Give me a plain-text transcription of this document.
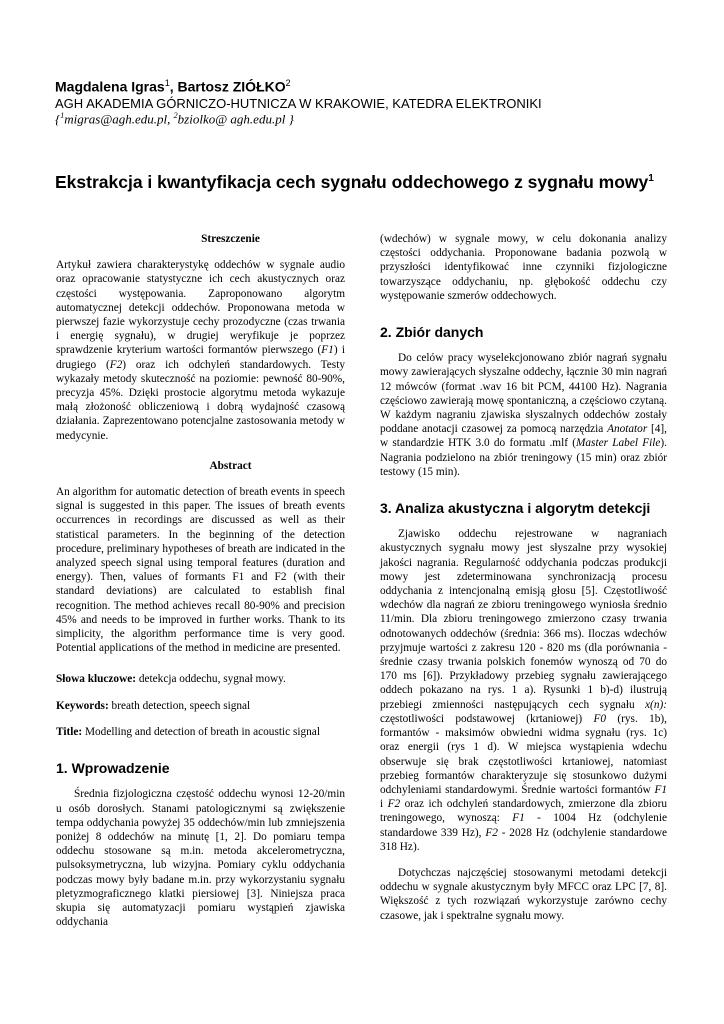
Magdalena Igras$^1$, Bartosz ZIÓŁKO$^2$
AGH AKADEMIA GÓRNICZO-HUTNICZA W KRAKOWIE, KATEDRA ELEKTRONIKI
{$^1$migras@agh.edu.pl, $^2$bziolko@ agh.edu.pl }
Ekstrakcja i kwantyfikacja cech sygnału oddechowego z sygnału mowy$^1$

Streszczenie

Artykuł zawiera charakterystykę oddechów w sygnale audio oraz opracowanie statystyczne ich cech akustycznych oraz częstości występowania. Zaproponowano algorytm automatycznej detekcji oddechów. Proponowana metoda w pierwszej fazie wykorzystuje cechy prozodyczne (czas trwania i energię sygnału), w drugiej weryfikuje je poprzez sprawdzenie kryterium wartości formantów pierwszego (F1) i drugiego (F2) oraz ich odchyleń standardowych. Testy wykazały metody skuteczność na poziomie: pewność 80-90%, precyzja 45%. Dzięki prostocie algorytmu metoda wykazuje małą złożoność obliczeniową i dobrą wydajność czasową działania. Zaprezentowano potencjalne zastosowania metody w medycynie.

Abstract

An algorithm for automatic detection of breath events in speech signal is suggested in this paper. The issues of breath events occurrences in recordings are discussed as well as their statistical parameters. In the beginning of the detection procedure, preliminary hypotheses of breath are indicated in the analyzed speech signal using temporal features (duration and energy). Then, values of formants F1 and F2 (with their standard deviations) are calculated to establish final recognition. The method achieves recall 80-90% and precision 45% and needs to be improved in further works. Thank to its simplicity, the algorithm performance time is very good. Potential applications of the method in medicine are presented.

Słowa kluczowe: detekcja oddechu, sygnał mowy.

Keywords: breath detection, speech signal

Title: Modelling and detection of breath in acoustic signal

1. Wprowadzenie

Średnia fizjologiczna częstość oddechu wynosi 12-20/min u osób dorosłych. Stanami patologicznymi są zwiększenie tempa oddychania powyżej 35 oddechów/min lub zmniejszenia poniżej 8 oddechów na minutę [1, 2]. Do pomiaru tempa oddechu stosowane są m.in. metoda akcelerometryczna, pulsoksymetryczna, lub wizyjna. Pomiary cyklu oddychania podczas mowy były badane m.in. przy wykorzystaniu sygnału pletyzmograficznego klatki piersiowej [3]. Niniejsza praca skupia się automatyzacji pomiaru wystąpień zjawiska oddychania

(wdechów) w sygnale mowy, w celu dokonania analizy częstości oddychania. Proponowane badania pozwolą w przyszłości identyfikować inne czynniki fizjologiczne towarzyszące oddychaniu, np. głębokość oddechu czy występowanie szmerów oddechowych.

2. Zbiór danych

Do celów pracy wyselekcjonowano zbiór nagrań sygnału mowy zawierających słyszalne oddechy, łącznie 30 min nagrań 12 mówców (format .wav 16 bit PCM, 44100 Hz). Nagrania częściowo zawierają mowę spontaniczną, a częściowo czytaną. W każdym nagraniu zjawiska słyszalnych oddechów zostały poddane anotacji czasowej za pomocą narzędzia Anotator [4], w standardzie HTK 3.0 do formatu .mlf (Master Label File). Nagrania podzielono na zbiór treningowy (15 min) oraz zbiór testowy (15 min).

3. Analiza akustyczna i algorytm detekcji

Zjawisko oddechu rejestrowane w nagraniach akustycznych sygnału mowy jest słyszalne przy wysokiej jakości nagrania. Regularność oddychania podczas produkcji mowy jest zdeterminowana synchronizacją procesu oddychania z intencjonalną emisją głosu [5]. Częstotliwość wdechów dla nagrań ze zbioru treningowego wyniosła średnio 11/min. Dla zbioru treningowego zmierzono czasy trwania odnotowanych oddechów (średnia: 366 ms). Iloczas wdechów przyjmuje wartości z zakresu 120 - 820 ms (dla porównania - średnie czasy trwania polskich fonemów wynoszą od 70 do 170 ms [6]). Przykładowy przebieg sygnału zawierającego oddech pokazano na rys. 1 a). Rysunki 1 b)-d) ilustrują przebiegi zmienności następujących cech sygnału x(n): częstotliwości podstawowej (krtaniowej) F0 (rys. 1b), formantów - maksimów obwiedni widma sygnału (rys. 1c) oraz energii (rys 1 d). W miejsca wystąpienia wdechu obserwuje się brak częstotliwości krtaniowej, natomiast przebieg formantów charakteryzuje się stosunkowo dużymi odchyleniami standardowymi. Średnie wartości formantów F1 i F2 oraz ich odchyleń standardowych, zmierzone dla zbioru treningowego, wynoszą: F1 - 1004 Hz (odchylenie standardowe 339 Hz), F2 - 2028 Hz (odchylenie standardowe 318 Hz).

Dotychczas najczęściej stosowanymi metodami detekcji oddechu w sygnale akustycznym były MFCC oraz LPC [7, 8]. Większość z tych rozwiązań wykorzystuje zarówno cechy czasowe, jak i spektralne sygnału mowy.
